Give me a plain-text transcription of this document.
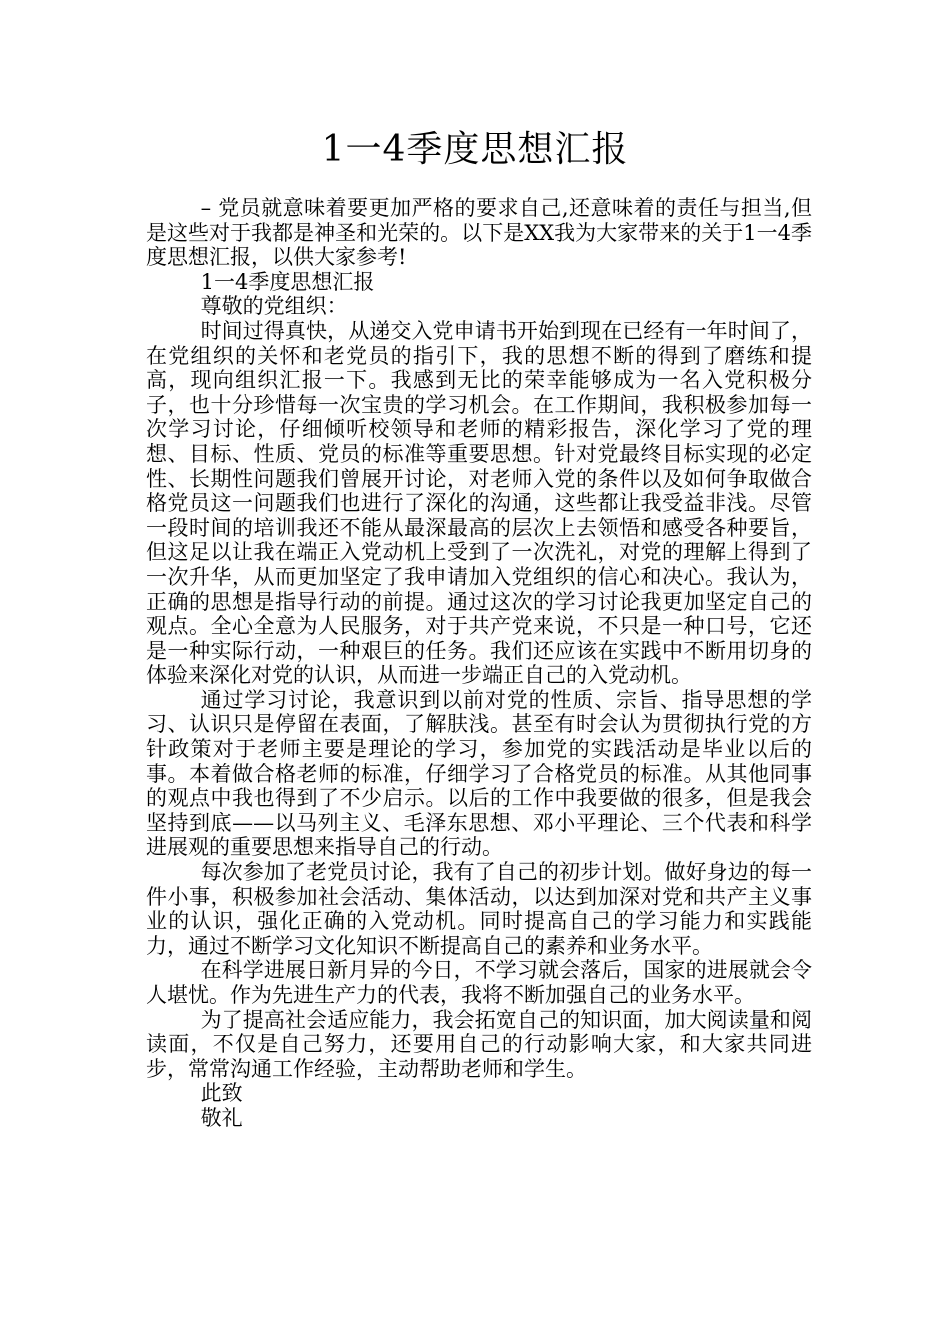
1一4季度思想汇报

– 党员就意味着要更加严格的要求自己,还意味着的责任与担当,但是这些对于我都是神圣和光荣的。以下是XX我为大家带来的关于1一4季度思想汇报，以供大家参考!

1一4季度思想汇报

尊敬的党组织：

时间过得真快，从递交入党申请书开始到现在已经有一年时间了，在党组织的关怀和老党员的指引下，我的思想不断的得到了磨练和提高，现向组织汇报一下。我感到无比的荣幸能够成为一名入党积极分子，也十分珍惜每一次宝贵的学习机会。在工作期间，我积极参加每一次学习讨论，仔细倾听校领导和老师的精彩报告，深化学习了党的理想、目标、性质、党员的标准等重要思想。针对党最终目标实现的必定性、长期性问题我们曾展开讨论，对老师入党的条件以及如何争取做合格党员这一问题我们也进行了深化的沟通，这些都让我受益非浅。尽管一段时间的培训我还不能从最深最高的层次上去领悟和感受各种要旨，但这足以让我在端正入党动机上受到了一次洗礼，对党的理解上得到了一次升华，从而更加坚定了我申请加入党组织的信心和决心。我认为，正确的思想是指导行动的前提。通过这次的学习讨论我更加坚定自己的观点。全心全意为人民服务，对于共产党来说，不只是一种口号，它还是一种实际行动，一种艰巨的任务。我们还应该在实践中不断用切身的体验来深化对党的认识，从而进一步端正自己的入党动机。

通过学习讨论，我意识到以前对党的性质、宗旨、指导思想的学习、认识只是停留在表面，了解肤浅。甚至有时会认为贯彻执行党的方针政策对于老师主要是理论的学习，参加党的实践活动是毕业以后的事。本着做合格老师的标准，仔细学习了合格党员的标准。从其他同事的观点中我也得到了不少启示。以后的工作中我要做的很多，但是我会坚持到底——以马列主义、毛泽东思想、邓小平理论、三个代表和科学进展观的重要思想来指导自己的行动。

每次参加了老党员讨论，我有了自己的初步计划。做好身边的每一件小事，积极参加社会活动、集体活动，以达到加深对党和共产主义事业的认识，强化正确的入党动机。同时提高自己的学习能力和实践能力，通过不断学习文化知识不断提高自己的素养和业务水平。

在科学进展日新月异的今日，不学习就会落后，国家的进展就会令人堪忧。作为先进生产力的代表，我将不断加强自己的业务水平。

为了提高社会适应能力，我会拓宽自己的知识面，加大阅读量和阅读面，不仅是自己努力，还要用自己的行动影响大家，和大家共同进步，常常沟通工作经验，主动帮助老师和学生。

此致

敬礼
